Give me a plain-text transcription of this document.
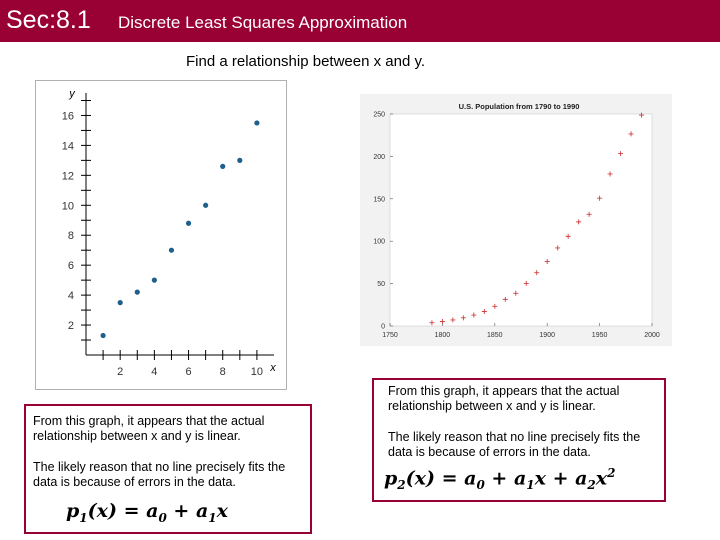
Sec:8.1 Discrete Least Squares Approximation
Find a relationship between x and y.
2	4	6	8 10
2
4
6
8
10
12
14
16
x
y
U.S. Population from 1790 to 1990
1750	1800	1850	1900	1950	2000
0
50
100
150
200
250
From this graph, it appears that the actual relationship between x and y is linear.
The likely reason that no line precisely fits the data is because of errors in the data.
$p_1(x) = a_0 + a_1x$
From this graph, it appears that the actual relationship between x and y is linear.
The likely reason that no line precisely fits the data is because of errors in the data.
$p_2(x) = a_0 + a_1x + a_2x^2$
